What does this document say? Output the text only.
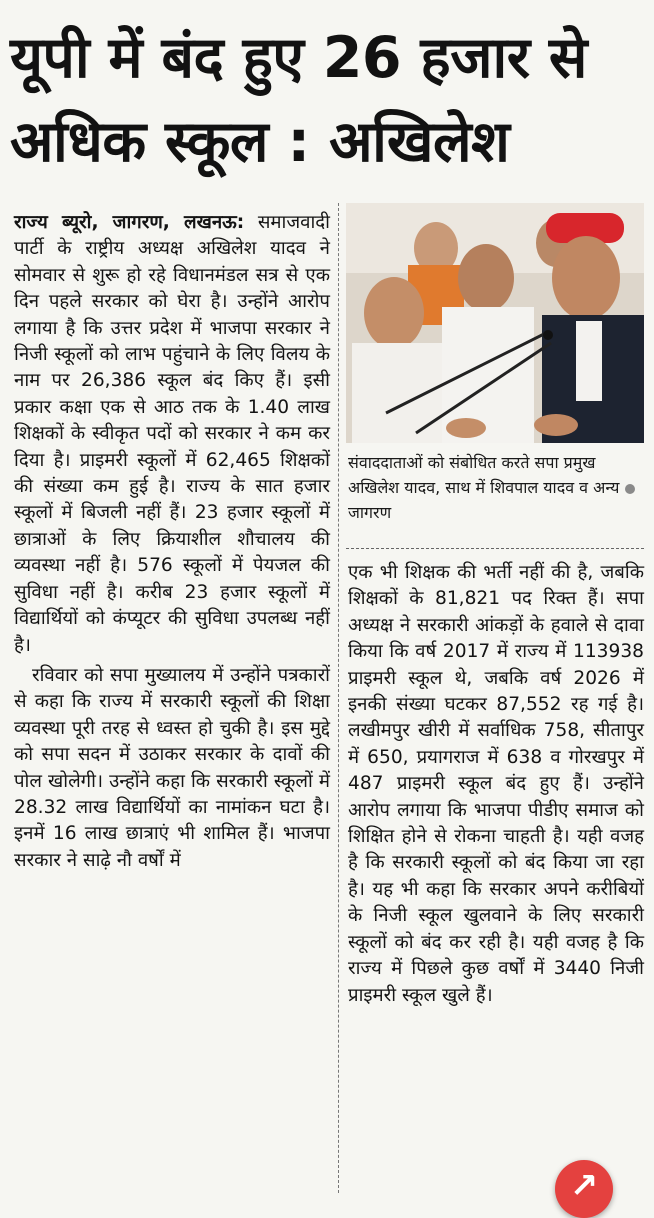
यूपी में बंद हुए 26 हजार से
अधिक स्कूल : अखिलेश

राज्य ब्यूरो, जागरण, लखनऊ: समाजवादी पार्टी के राष्ट्रीय अध्यक्ष अखिलेश यादव ने सोमवार से शुरू हो रहे विधानमंडल सत्र से एक दिन पहले सरकार को घेरा है। उन्होंने आरोप लगाया है कि उत्तर प्रदेश में भाजपा सरकार ने निजी स्कूलों को लाभ पहुंचाने के लिए विलय के नाम पर 26,386 स्कूल बंद किए हैं। इसी प्रकार कक्षा एक से आठ तक के 1.40 लाख शिक्षकों के स्वीकृत पदों को सरकार ने कम कर दिया है। प्राइमरी स्कूलों में 62,465 शिक्षकों की संख्या कम हुई है। राज्य के सात हजार स्कूलों में बिजली नहीं हैं। 23 हजार स्कूलों में छात्राओं के लिए क्रियाशील शौचालय की व्यवस्था नहीं है। 576 स्कूलों में पेयजल की सुविधा नहीं है। करीब 23 हजार स्कूलों में विद्यार्थियों को कंप्यूटर की सुविधा उपलब्ध नहीं है।

रविवार को सपा मुख्यालय में उन्होंने पत्रकारों से कहा कि राज्य में सरकारी स्कूलों की शिक्षा व्यवस्था पूरी तरह से ध्वस्त हो चुकी है। इस मुद्दे को सपा सदन में उठाकर सरकार के दावों की पोल खोलेगी। उन्होंने कहा कि सरकारी स्कूलों में 28.32 लाख विद्यार्थियों का नामांकन घटा है। इनमें 16 लाख छात्राएं भी शामिल हैं। भाजपा सरकार ने साढ़े नौ वर्षों में

संवाददाताओं को संबोधित करते सपा प्रमुख अखिलेश यादव, साथ में शिवपाल यादव व अन्यजागरण

एक भी शिक्षक की भर्ती नहीं की है, जबकि शिक्षकों के 81,821 पद रिक्त हैं। सपा अध्यक्ष ने सरकारी आंकड़ों के हवाले से दावा किया कि वर्ष 2017 में राज्य में 113938 प्राइमरी स्कूल थे, जबकि वर्ष 2026 में इनकी संख्या घटकर 87,552 रह गई है। लखीमपुर खीरी में सर्वाधिक 758, सीतापुर में 650, प्रयागराज में 638 व गोरखपुर में 487 प्राइमरी स्कूल बंद हुए हैं। उन्होंने आरोप लगाया कि भाजपा पीडीए समाज को शिक्षित होने से रोकना चाहती है। यही वजह है कि सरकारी स्कूलों को बंद किया जा रहा है। यह भी कहा कि सरकार अपने करीबियों के निजी स्कूल खुलवाने के लिए सरकारी स्कूलों को बंद कर रही है। यही वजह है कि राज्य में पिछले कुछ वर्षों में 3440 निजी प्राइमरी स्कूल खुले हैं।

↗
